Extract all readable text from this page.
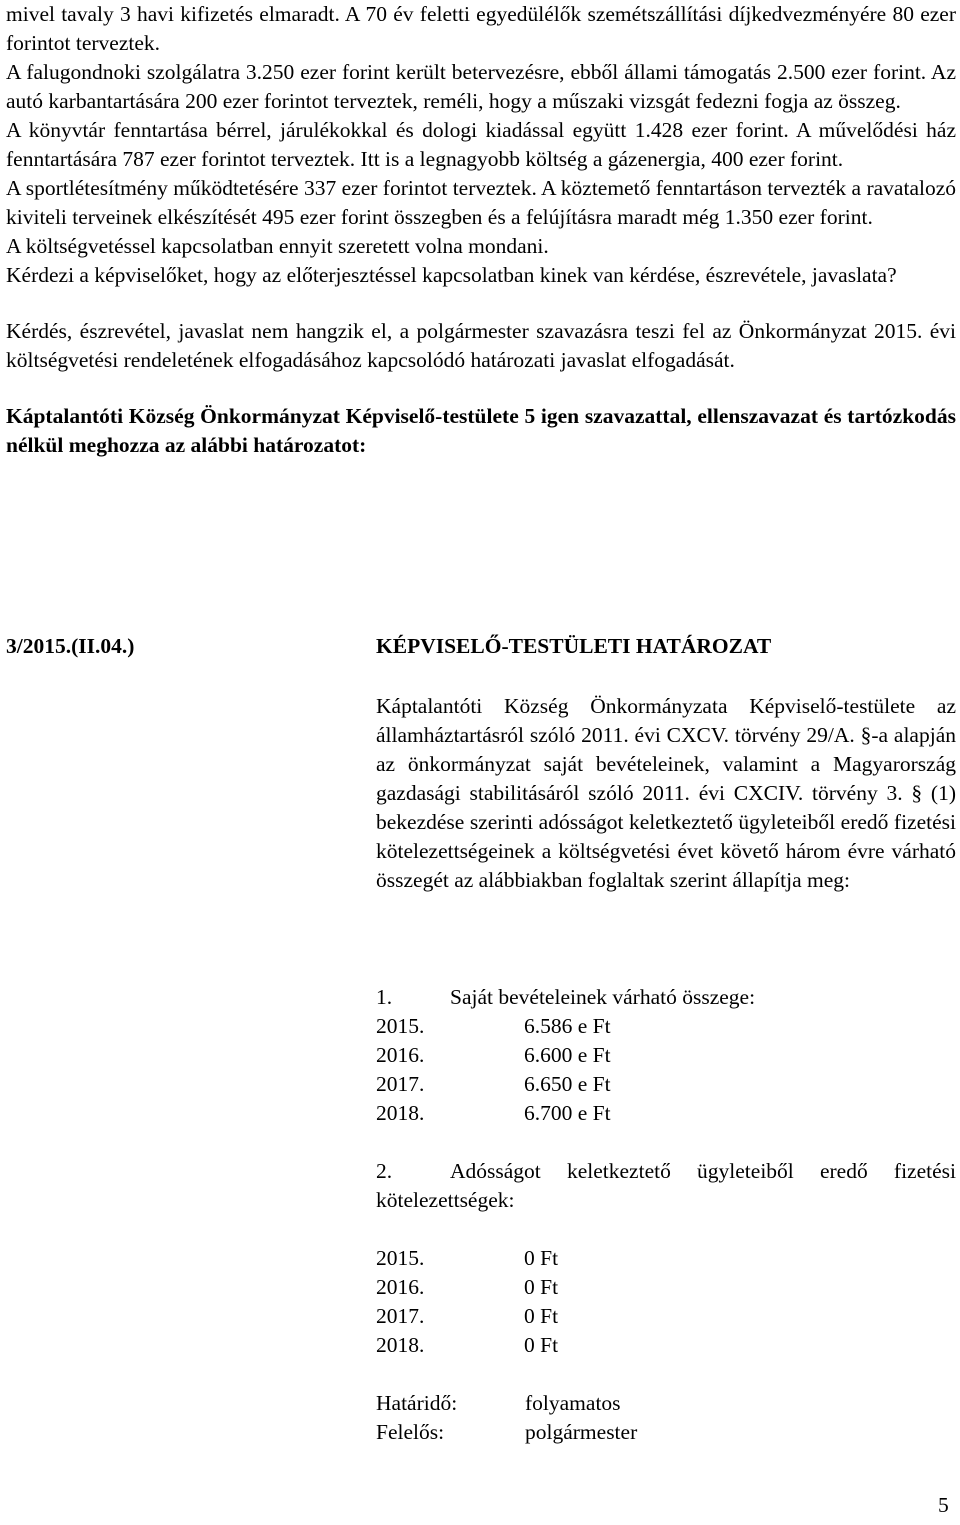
mivel tavaly 3 havi kifizetés elmaradt. A 70 év feletti egyedülélők szemétszállítási díjkedvezményére 80 ezer forintot terveztek.

A falugondnoki szolgálatra 3.250 ezer forint került betervezésre, ebből állami támogatás 2.500 ezer forint. Az autó karbantartására 200 ezer forintot terveztek, reméli, hogy a műszaki vizsgát fedezni fogja az összeg.

A könyvtár fenntartása bérrel, járulékokkal és dologi kiadással együtt 1.428 ezer forint. A művelődési ház fenntartására 787 ezer forintot terveztek. Itt is a legnagyobb költség a gázenergia, 400 ezer forint.

A sportlétesítmény működtetésére 337 ezer forintot terveztek. A köztemető fenntartáson tervezték a ravatalozó kiviteli terveinek elkészítését 495 ezer forint összegben és a felújításra maradt még 1.350 ezer forint.

A költségvetéssel kapcsolatban ennyit szeretett volna mondani.

Kérdezi a képviselőket, hogy az előterjesztéssel kapcsolatban kinek van kérdése, észrevétele, javaslata?

Kérdés, észrevétel, javaslat nem hangzik el, a polgármester szavazásra teszi fel az Önkormányzat 2015. évi költségvetési rendeletének elfogadásához kapcsolódó határozati javaslat elfogadását.

Káptalantóti Község Önkormányzat Képviselő-testülete 5 igen szavazattal, ellenszavazat és tartózkodás nélkül meghozza az alábbi határozatot:

3/2015.(II.04.)	KÉPVISELŐ-TESTÜLETI HATÁROZAT

Káptalantóti Község Önkormányzata Képviselő-testülete az államháztartásról szóló 2011. évi CXCV. törvény 29/A. §-a alapján az önkormányzat saját bevételeinek, valamint a Magyarország gazdasági stabilitásáról szóló 2011. évi CXCIV. törvény 3. § (1) bekezdése szerinti adósságot keletkeztető ügyleteiből eredő fizetési kötelezettségeinek a költségvetési évet követő három évre várható összegét az alábbiakban foglaltak szerint állapítja meg:

1.	Saját bevételeinek várható összege:
2015.	6.586 e Ft
2016.	6.600 e Ft
2017.	6.650 e Ft
2018.	6.700 e Ft
2.	Adósságot keletkeztető ügyleteiből eredő fizetési kötelezettségek:
2015.	0 Ft
2016.	0 Ft
2017.	0 Ft
2018.	0 Ft
Határidő:	folyamatos
Felelős:	polgármester
5
